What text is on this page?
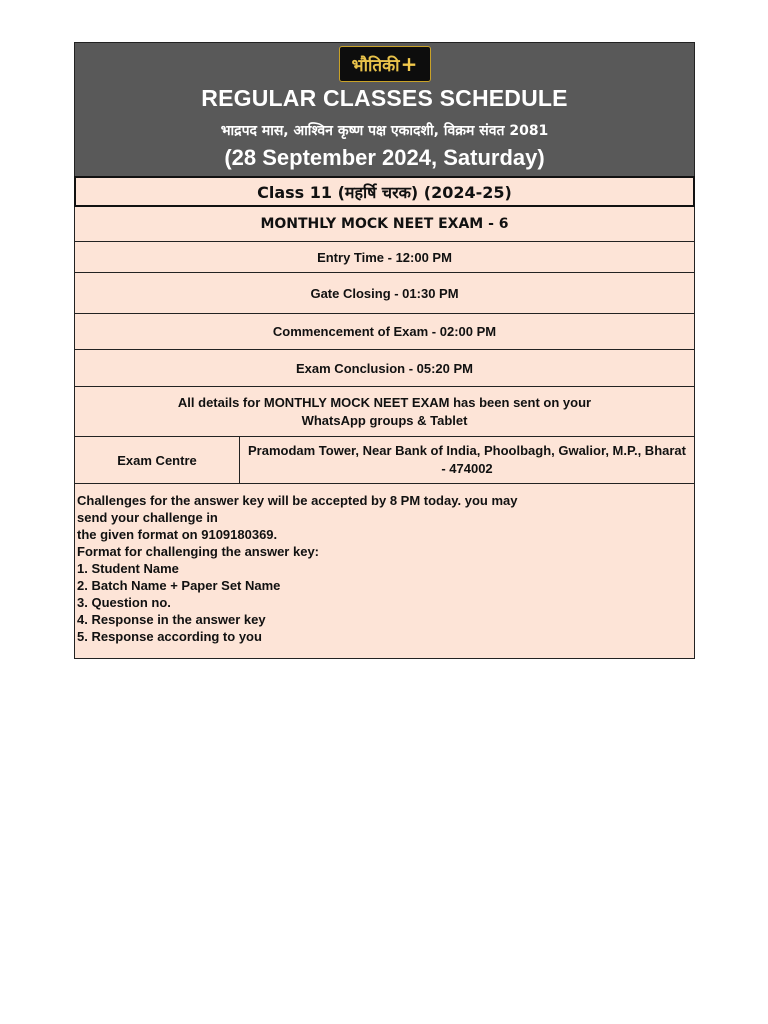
भौतिकी +
REGULAR CLASSES SCHEDULE
भाद्रपद मास, आश्विन कृष्ण पक्ष एकादशी, विक्रम संवत 2081
(28 September 2024, Saturday)
Class 11 (महर्षि चरक) (2024-25)
MONTHLY MOCK NEET EXAM - 6
Entry Time - 12:00 PM
Gate Closing - 01:30 PM
Commencement of Exam - 02:00 PM
Exam Conclusion - 05:20 PM
All details for MONTHLY MOCK NEET EXAM has been sent on your
WhatsApp groups & Tablet
Exam Centre
Pramodam Tower, Near Bank of India, Phoolbagh, Gwalior, M.P., Bharat
- 474002
Challenges for the answer key will be accepted by 8 PM today. you may
send your challenge in
the given format on 9109180369.
Format for challenging the answer key:
1. Student Name
2. Batch Name + Paper Set Name
3. Question no.
4. Response in the answer key
5. Response according to you
